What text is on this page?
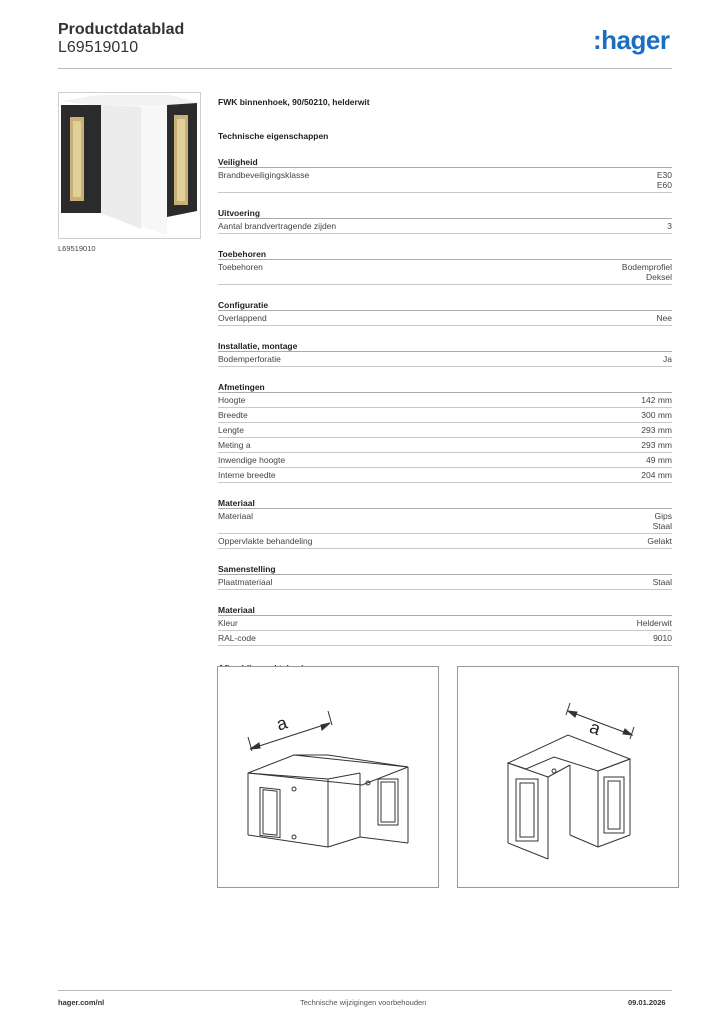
Productdatablad
L69519010	:hager
L69519010
FWK binnenhoek, 90/50210, helderwit
Technische eigenschappen
Veiligheid
Brandbeveiligingsklasse	E30
E60
Uitvoering
Aantal brandvertragende zijden	3
Toebehoren
Toebehoren	Bodemprofiel
Deksel
Configuratie
Overlappend	Nee
Installatie, montage
Bodemperforatie	Ja
Afmetingen
Hoogte	142 mm
Breedte	300 mm
Lengte	293 mm
Meting a	293 mm
Inwendige hoogte	49 mm
Interne breedte	204 mm
Materiaal
Materiaal	Gips
Staal
Oppervlakte behandeling	Gelakt
Samenstelling
Plaatmateriaal	Staal
Materiaal
Kleur	Helderwit
RAL-code	9010
a	a
hager.com/nl	Technische wijzigingen voorbehouden	09.01.2026
